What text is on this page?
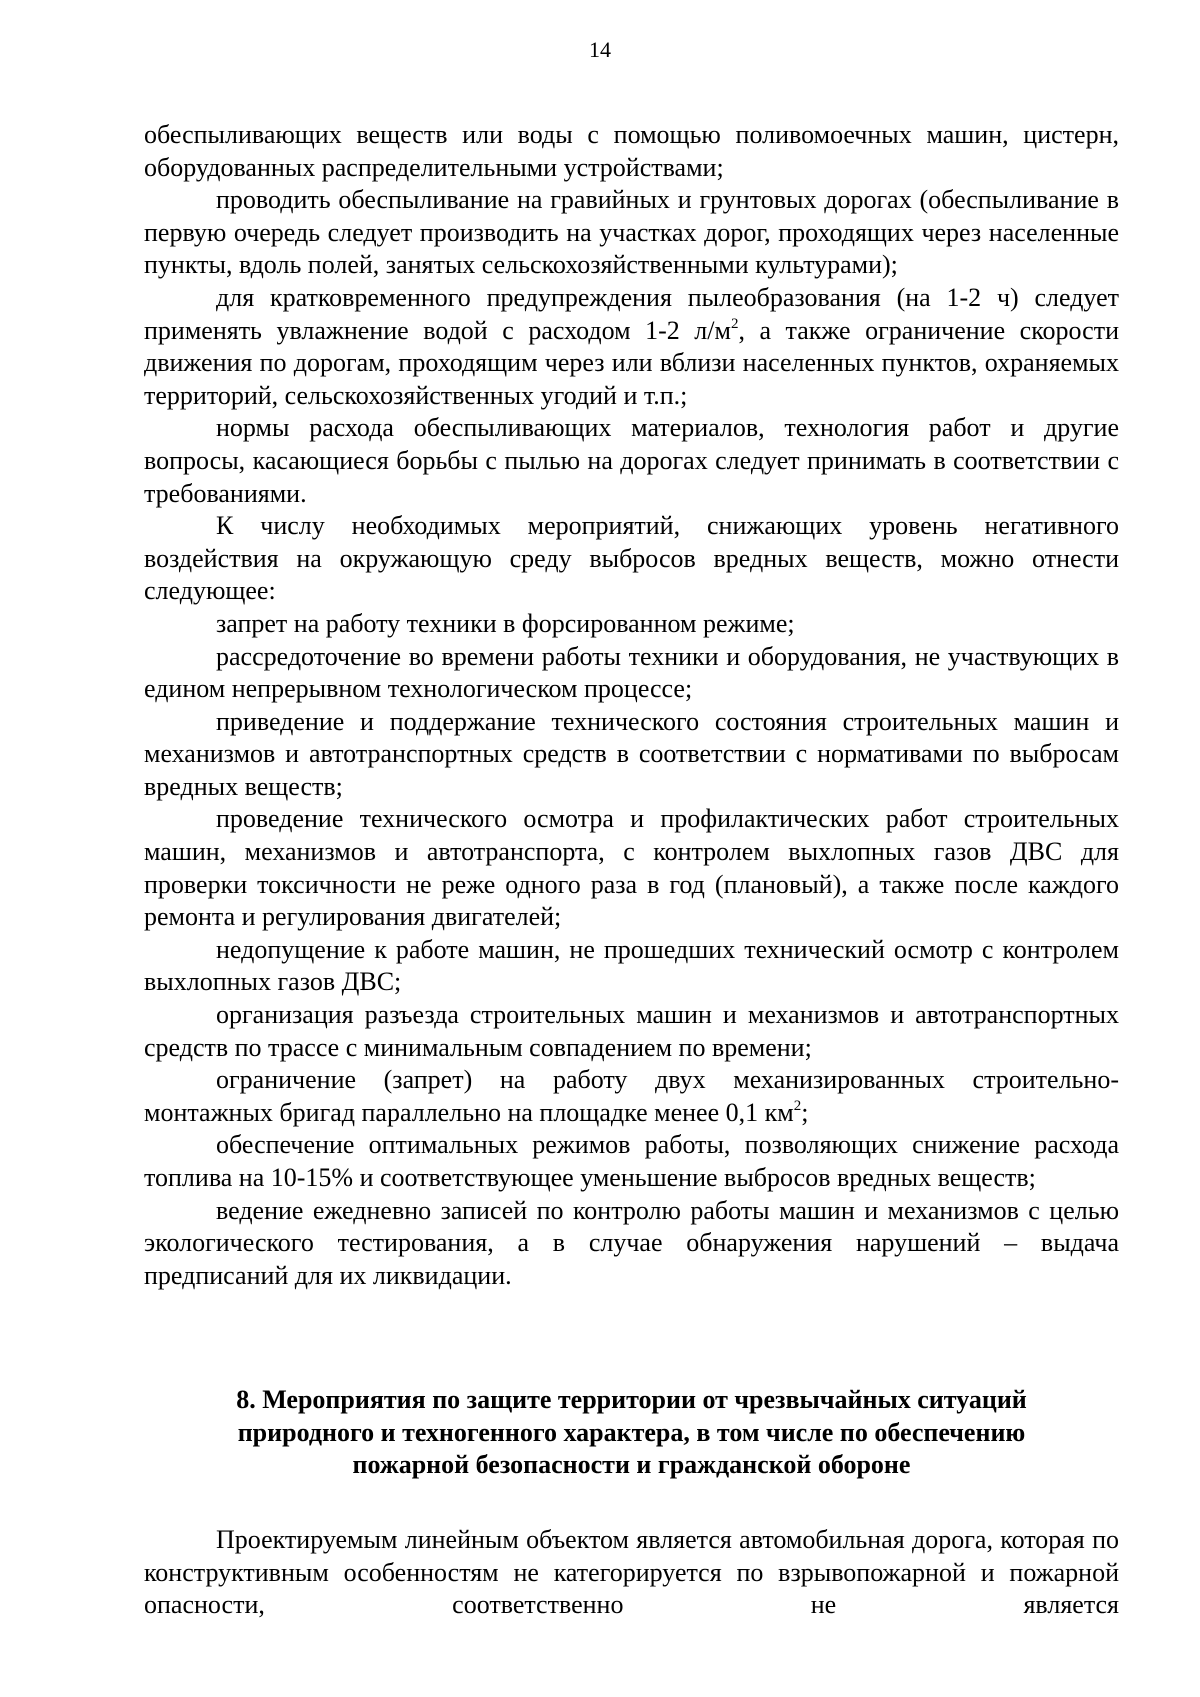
14

обеспыливающих веществ или воды с помощью поливомоечных машин, цистерн, оборудованных распределительными устройствами;

проводить обеспыливание на гравийных и грунтовых дорогах (обеспыливание в первую очередь следует производить на участках дорог, проходящих через населенные пункты, вдоль полей, занятых сельскохозяйственными культурами);

для кратковременного предупреждения пылеобразования (на 1-2 ч) следует применять увлажнение водой с расходом 1-2 $л/м^2$, а также ограничение скорости движения по дорогам, проходящим через или вблизи населенных пунктов, охраняемых территорий, сельскохозяйственных угодий и т.п.;

нормы расхода обеспыливающих материалов, технология работ и другие вопросы, касающиеся борьбы с пылью на дорогах следует принимать в соответствии с требованиями.

К числу необходимых мероприятий, снижающих уровень негативного воздействия на окружающую среду выбросов вредных веществ, можно отнести следующее:

запрет на работу техники в форсированном режиме;

рассредоточение во времени работы техники и оборудования, не участвующих в едином непрерывном технологическом процессе;

приведение и поддержание технического состояния строительных машин и механизмов и автотранспортных средств в соответствии с нормативами по выбросам вредных веществ;

проведение технического осмотра и профилактических работ строительных машин, механизмов и автотранспорта, с контролем выхлопных газов ДВС для проверки токсичности не реже одного раза в год (плановый), а также после каждого ремонта и регулирования двигателей;

недопущение к работе машин, не прошедших технический осмотр с контролем выхлопных газов ДВС;

организация разъезда строительных машин и механизмов и автотранспортных средств по трассе с минимальным совпадением по времени;

ограничение (запрет) на работу двух механизированных строительно-монтажных бригад параллельно на площадке менее 0,1 $км^2$;

обеспечение оптимальных режимов работы, позволяющих снижение расхода топлива на 10-15% и соответствующее уменьшение выбросов вредных веществ;

ведение ежедневно записей по контролю работы машин и механизмов с целью экологического тестирования, а в случае обнаружения нарушений – выдача предписаний для их ликвидации.

8. Мероприятия по защите территории от чрезвычайных ситуаций
природного и техногенного характера, в том числе по обеспечению
пожарной безопасности и гражданской обороне

Проектируемым линейным объектом является автомобильная дорога, которая по конструктивным особенностям не категорируется по взрывопожарной и пожарной опасности, соответственно не является
